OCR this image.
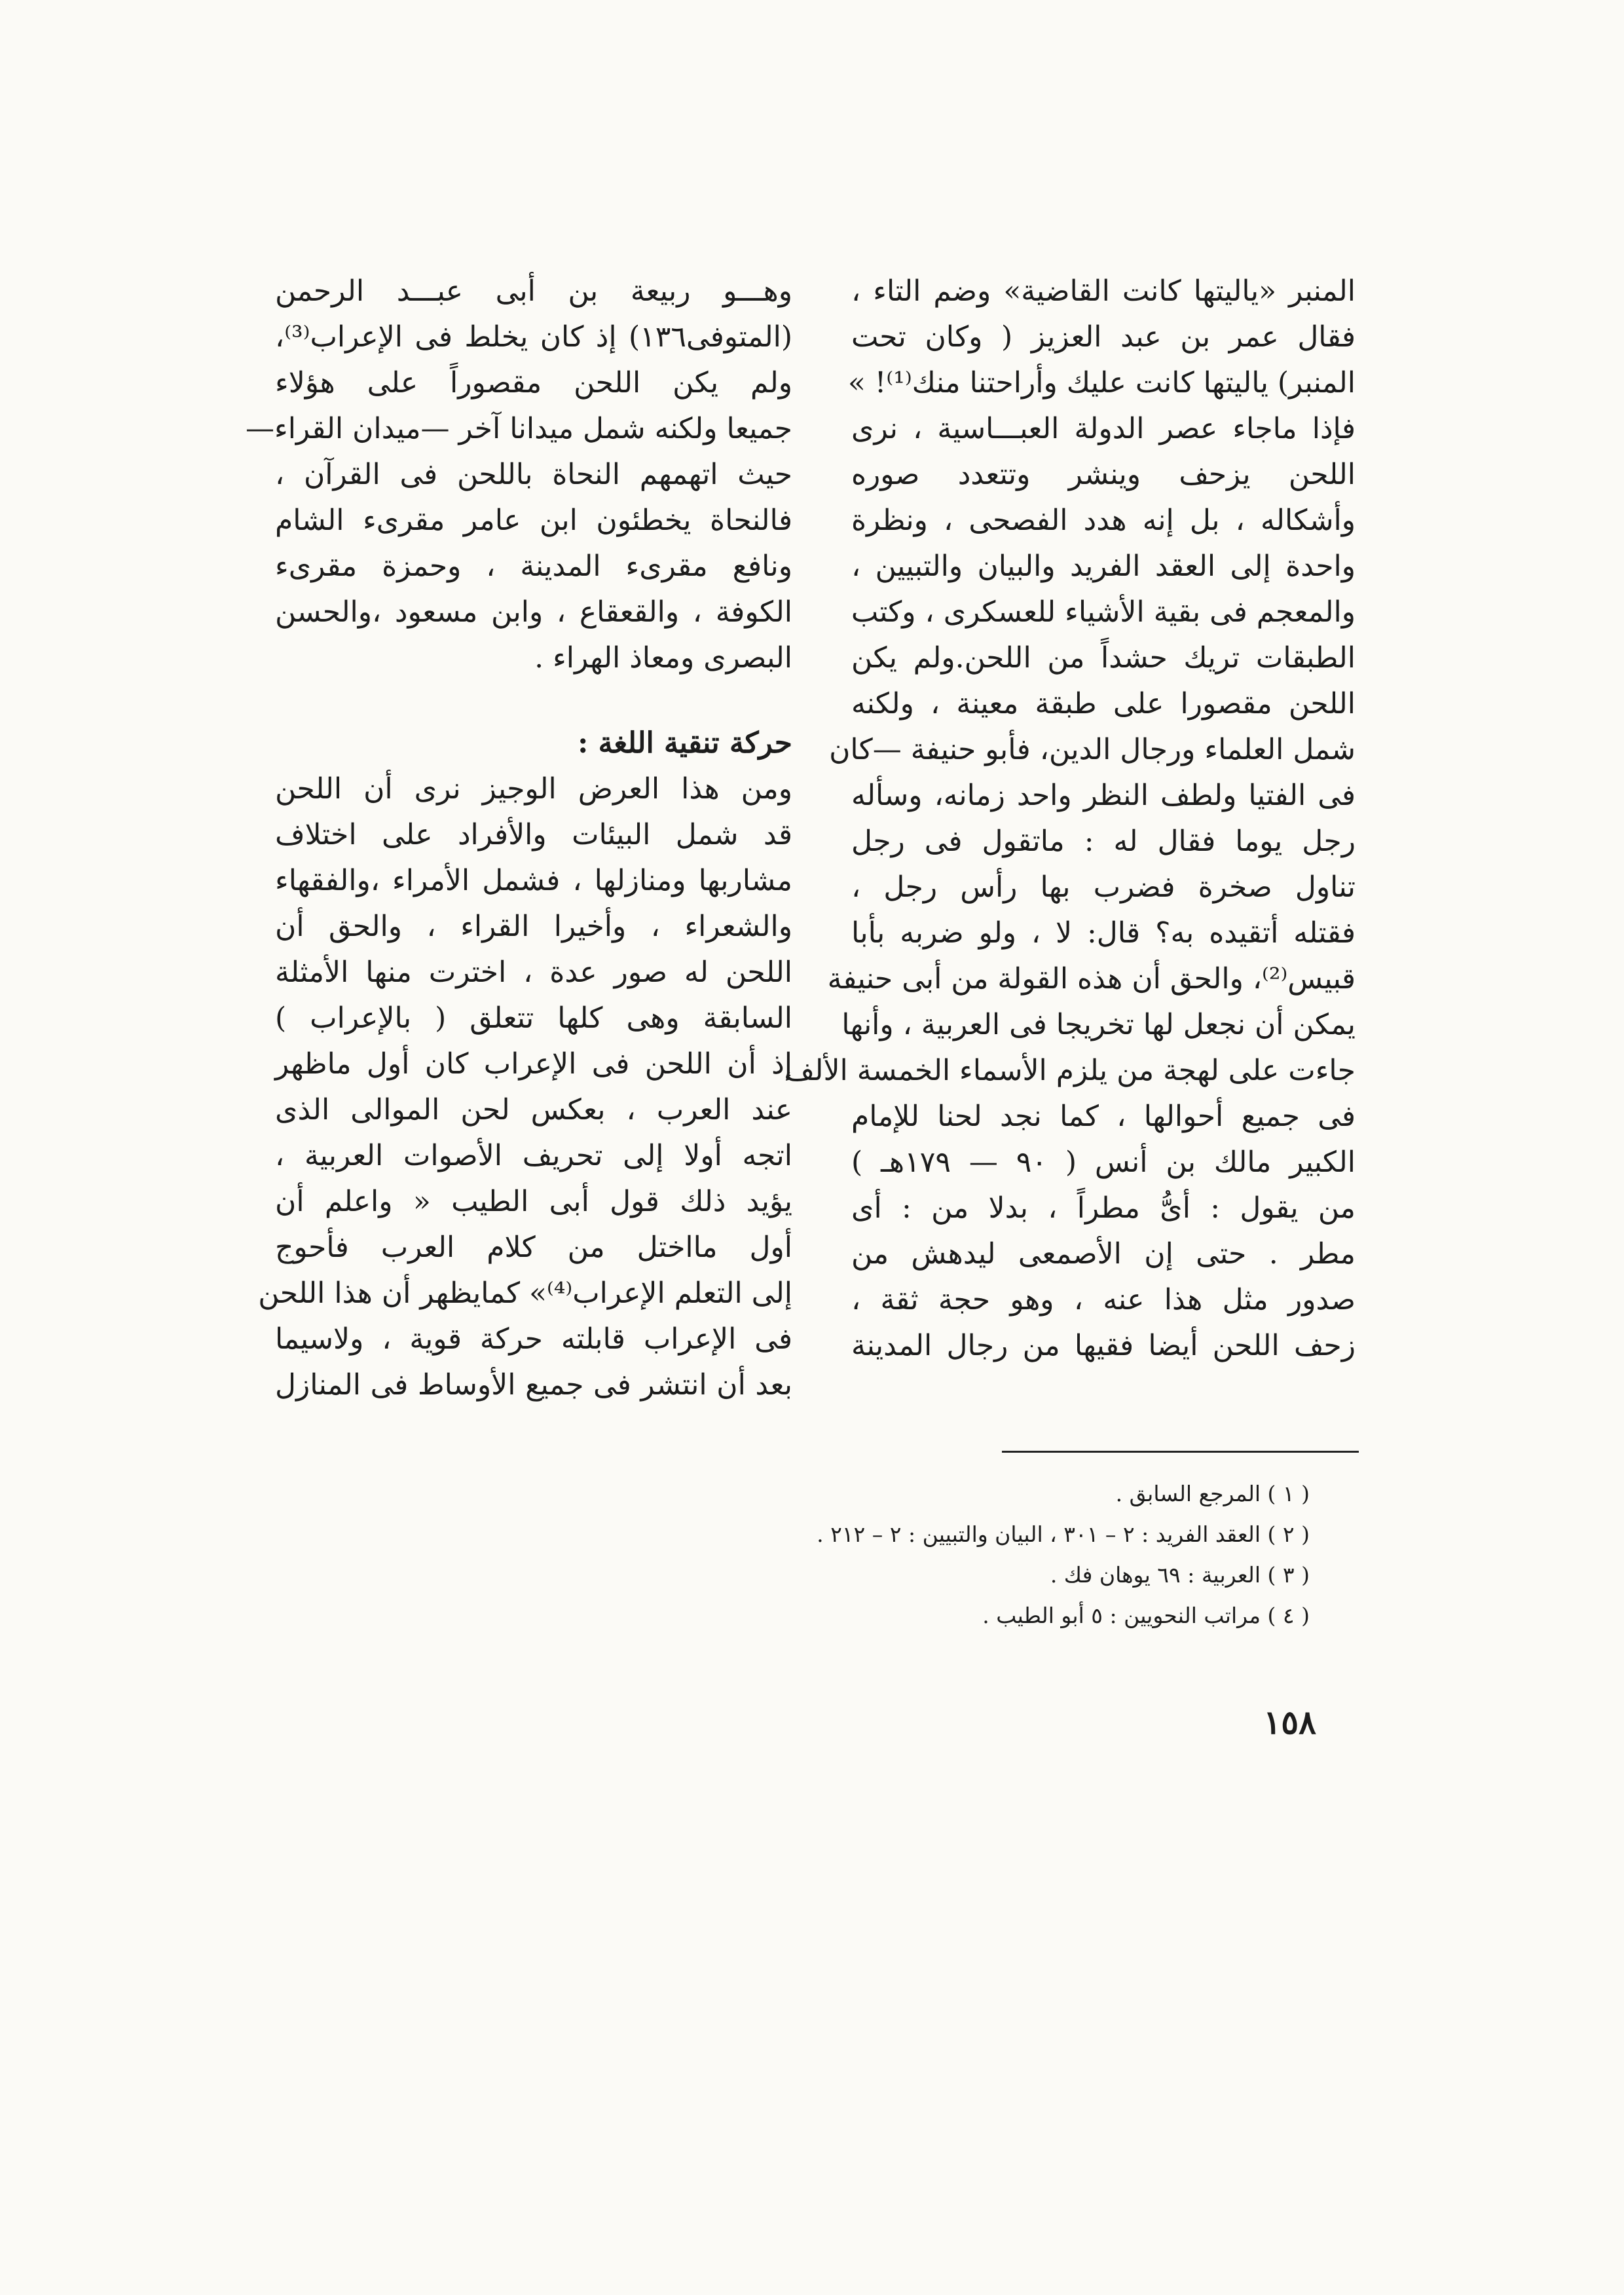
المنبر «ياليتها كانت القاضية» وضم التاء ،
فقال عمر بن عبد العزيز ( وكان تحت
المنبر) ياليتها كانت عليك وأراحتنا منك⁽¹⁾! »
فإذا ماجاء عصر الدولة العبـــاسية ، نرى
اللحن يزحف وينشر وتتعدد صوره
وأشكاله ، بل إنه هدد الفصحى ، ونظرة
واحدة إلى العقد الفريد والبيان والتبيين ،
والمعجم فى بقية الأشياء للعسكرى ، وكتب
الطبقات تريك حشداً من اللحن.ولم يكن
اللحن مقصورا على طبقة معينة ، ولكنه
شمل العلماء ورجال الدين، فأبو حنيفة —كان
فى الفتيا ولطف النظر واحد زمانه، وسأله
رجل يوما فقال له : ماتقول فى رجل
تناول صخرة فضرب بها رأس رجل ،
فقتله أتقيده به؟ قال: لا ، ولو ضربه بأبا
قبيس⁽²⁾، والحق أن هذه القولة من أبى حنيفة
يمكن أن نجعل لها تخريجا فى العربية ، وأنها
جاءت على لهجة من يلزم الأسماء الخمسة الألف
فى جميع أحوالها ، كما نجد لحنا للإمام
الكبير مالك بن أنس ( ٩٠ — ١٧٩هـ )
من يقول : أىُّ مطراً ، بدلا من : أى
مطر . حتى إن الأصمعى ليدهش من
صدور مثل هذا عنه ، وهو حجة ثقة ،
زحف اللحن أيضا فقيها من رجال المدينة
وهـــو ربيعة بن أبى عبـــد الرحمن
(المتوفى١٣٦) إذ كان يخلط فى الإعراب⁽³⁾،
ولم يكن اللحن مقصوراً على هؤلاء
جميعا ولكنه شمل ميدانا آخر —ميدان القراء—
حيث اتهمهم النحاة باللحن فى القرآن ،
فالنحاة يخطئون ابن عامر مقرىء الشام
ونافع مقرىء المدينة ، وحمزة مقرىء
الكوفة ، والقعقاع ، وابن مسعود ،والحسن
البصرى ومعاذ الهراء .
حركة تنقية اللغة :
ومن هذا العرض الوجيز نرى أن اللحن
قد شمل البيئات والأفراد على اختلاف
مشاربها ومنازلها ، فشمل الأمراء ،والفقهاء
والشعراء ، وأخيرا القراء ، والحق أن
اللحن له صور عدة ، اخترت منها الأمثلة
السابقة وهى كلها تتعلق ( بالإعراب )
إذ أن اللحن فى الإعراب كان أول ماظهر
عند العرب ، بعكس لحن الموالى الذى
اتجه أولا إلى تحريف الأصوات العربية ،
يؤيد ذلك قول أبى الطيب « واعلم أن
أول مااختل من كلام العرب فأحوج
إلى التعلم الإعراب⁽⁴⁾» كمايظهر أن هذا اللحن
فى الإعراب قابلته حركة قوية ، ولاسيما
بعد أن انتشر فى جميع الأوساط فى المنازل
( ١ ) المرجع السابق .
( ٢ ) العقد الفريد : ٢ – ٣٠١ ، البيان والتبيين : ٢ – ٢١٢ .
( ٣ ) العربية : ٦٩ يوهان فك .
( ٤ ) مراتب النحويين : ٥ أبو الطيب .
١٥٨
